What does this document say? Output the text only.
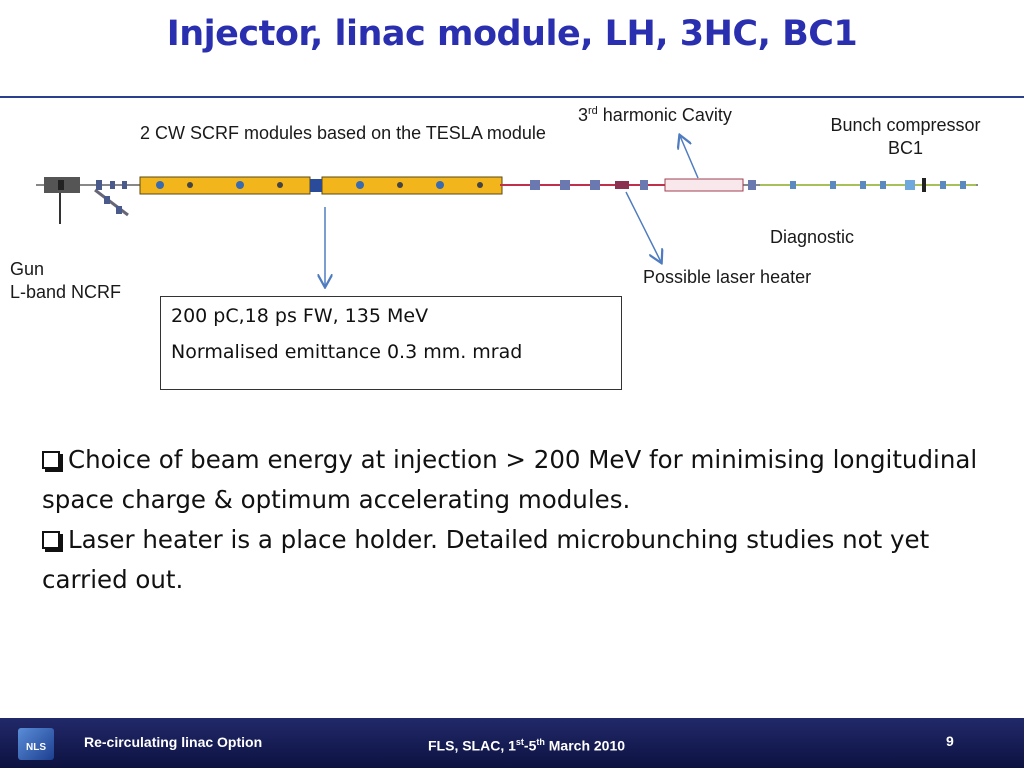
Injector, linac module, LH, 3HC, BC1
2 CW SCRF modules based on the TESLA module
3rd harmonic Cavity	Bunch compressor
BC1
Diagnostic
Gun
L-band NCRF
Possible laser heater
200 pC,18 ps FW, 135 MeV
Normalised emittance 0.3 mm. mrad
Choice of beam energy at injection > 200 MeV for minimising longitudinal space charge & optimum accelerating modules.
Laser heater is a place holder. Detailed microbunching studies not yet carried out.
NLS	Re-circulating linac Option	FLS, SLAC, 1st-5th March 2010	9
